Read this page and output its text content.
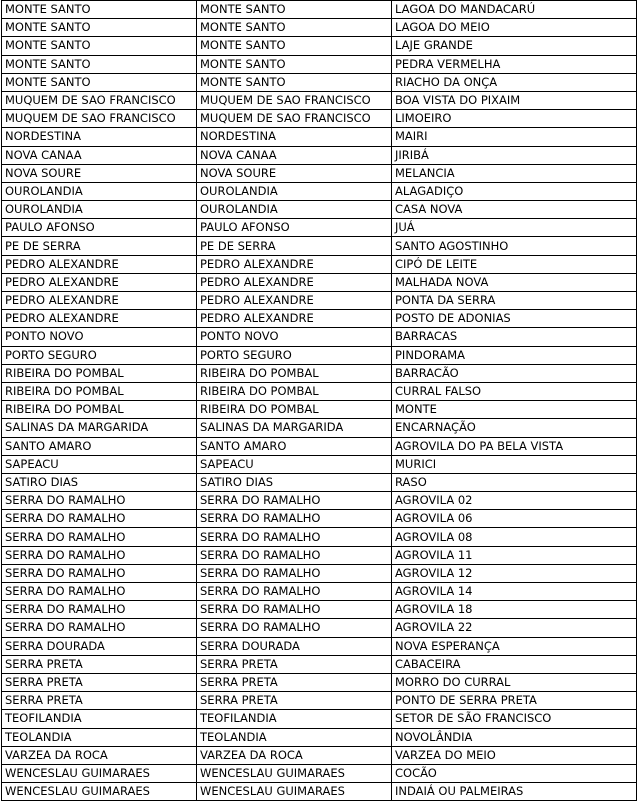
MONTE SANTO	MONTE SANTO	LAGOA DO MANDACARÚ
MONTE SANTO	MONTE SANTO	LAGOA DO MEIO
MONTE SANTO	MONTE SANTO	LAJE GRANDE
MONTE SANTO	MONTE SANTO	PEDRA VERMELHA
MONTE SANTO	MONTE SANTO	RIACHO DA ONÇA
MUQUEM DE SAO FRANCISCO	MUQUEM DE SAO FRANCISCO	BOA VISTA DO PIXAIM
MUQUEM DE SAO FRANCISCO	MUQUEM DE SAO FRANCISCO	LIMOEIRO
NORDESTINA	NORDESTINA	MAIRI
NOVA CANAA	NOVA CANAA	JIRIBÁ
NOVA SOURE	NOVA SOURE	MELANCIA
OUROLANDIA	OUROLANDIA	ALAGADIÇO
OUROLANDIA	OUROLANDIA	CASA NOVA
PAULO AFONSO	PAULO AFONSO	JUÁ
PE DE SERRA	PE DE SERRA	SANTO AGOSTINHO
PEDRO ALEXANDRE	PEDRO ALEXANDRE	CIPÓ DE LEITE
PEDRO ALEXANDRE	PEDRO ALEXANDRE	MALHADA NOVA
PEDRO ALEXANDRE	PEDRO ALEXANDRE	PONTA DA SERRA
PEDRO ALEXANDRE	PEDRO ALEXANDRE	POSTO DE ADONIAS
PONTO NOVO	PONTO NOVO	BARRACAS
PORTO SEGURO	PORTO SEGURO	PINDORAMA
RIBEIRA DO POMBAL	RIBEIRA DO POMBAL	BARRACÃO
RIBEIRA DO POMBAL	RIBEIRA DO POMBAL	CURRAL FALSO
RIBEIRA DO POMBAL	RIBEIRA DO POMBAL	MONTE
SALINAS DA MARGARIDA	SALINAS DA MARGARIDA	ENCARNAÇÃO
SANTO AMARO	SANTO AMARO	AGROVILA DO PA BELA VISTA
SAPEACU	SAPEACU	MURICI
SATIRO DIAS	SATIRO DIAS	RASO
SERRA DO RAMALHO	SERRA DO RAMALHO	AGROVILA 02
SERRA DO RAMALHO	SERRA DO RAMALHO	AGROVILA 06
SERRA DO RAMALHO	SERRA DO RAMALHO	AGROVILA 08
SERRA DO RAMALHO	SERRA DO RAMALHO	AGROVILA 11
SERRA DO RAMALHO	SERRA DO RAMALHO	AGROVILA 12
SERRA DO RAMALHO	SERRA DO RAMALHO	AGROVILA 14
SERRA DO RAMALHO	SERRA DO RAMALHO	AGROVILA 18
SERRA DO RAMALHO	SERRA DO RAMALHO	AGROVILA 22
SERRA DOURADA	SERRA DOURADA	NOVA ESPERANÇA
SERRA PRETA	SERRA PRETA	CABACEIRA
SERRA PRETA	SERRA PRETA	MORRO DO CURRAL
SERRA PRETA	SERRA PRETA	PONTO DE SERRA PRETA
TEOFILANDIA	TEOFILANDIA	SETOR DE SÃO FRANCISCO
TEOLANDIA	TEOLANDIA	NOVOLÂNDIA
VARZEA DA ROCA	VARZEA DA ROCA	VARZEA DO MEIO
WENCESLAU GUIMARAES	WENCESLAU GUIMARAES	COCÃO
WENCESLAU GUIMARAES	WENCESLAU GUIMARAES	INDAIÁ OU PALMEIRAS
